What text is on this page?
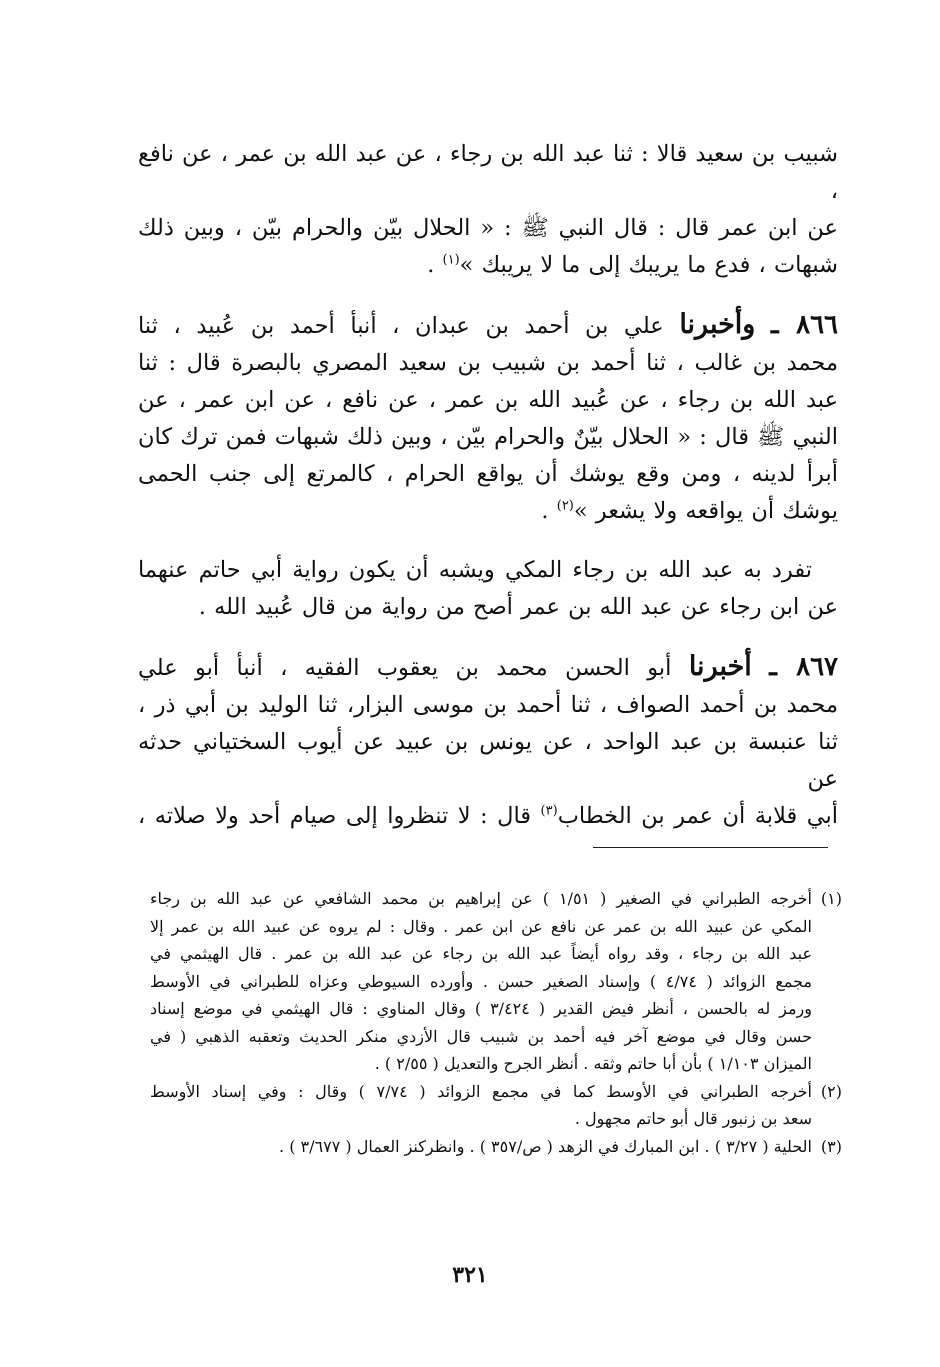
شبيب بن سعيد قالا : ثنا عبد الله بن رجاء ، عن عبد الله بن عمر ، عن نافع ،
عن ابن عمر قال : قال النبي ﷺ : « الحلال بيّن والحرام بيّن ، وبين ذلك
شبهات ، فدع ما يريبك إلى ما لا يريبك »$^{(١)}$ .

٨٦٦ ـ وأخبرنا علي بن أحمد بن عبدان ، أنبأ أحمد بن عُبيد ، ثنا
محمد بن غالب ، ثنا أحمد بن شبيب بن سعيد المصري بالبصرة قال : ثنا
عبد الله بن رجاء ، عن عُبيد الله بن عمر ، عن نافع ، عن ابن عمر ، عن
النبي ﷺ قال : « الحلال بيّنٌ والحرام بيّن ، وبين ذلك شبهات فمن ترك كان
أبرأ لدينه ، ومن وقع يوشك أن يواقع الحرام ، كالمرتع إلى جنب الحمى
يوشك أن يواقعه ولا يشعر »$^{(٢)}$ .

تفرد به عبد الله بن رجاء المكي ويشبه أن يكون رواية أبي حاتم عنهما
عن ابن رجاء عن عبد الله بن عمر أصح من رواية من قال عُبيد الله .

٨٦٧ ـ أخبرنا أبو الحسن محمد بن يعقوب الفقيه ، أنبأ أبو علي
محمد بن أحمد الصواف ، ثنا أحمد بن موسى البزار، ثنا الوليد بن أبي ذر ،
ثنا عنبسة بن عبد الواحد ، عن يونس بن عبيد عن أيوب السختياني حدثه عن
أبي قلابة أن عمر بن الخطاب$^{(٣)}$ قال : لا تنظروا إلى صيام أحد ولا صلاته ،

(١)
أخرجه الطبراني في الصغير ( ١/٥١ ) عن إبراهيم بن محمد الشافعي عن عبد الله بن رجاء
المكي عن عبيد الله بن عمر عن نافع عن ابن عمر . وقال : لم يروه عن عبيد الله بن عمر إلا
عبد الله بن رجاء ، وقد رواه أيضاً عبد الله بن رجاء عن عبد الله بن عمر . قال الهيثمي في
مجمع الزوائد ( ٤/٧٤ ) وإسناد الصغير حسن . وأورده السيوطي وعزاه للطبراني في الأوسط
ورمز له بالحسن ، أنظر فيض القدير ( ٣/٤٢٤ ) وقال المناوي : قال الهيثمي في موضع إسناد
حسن وقال في موضع آخر فيه أحمد بن شبيب قال الأزدي منكر الحديث وتعقبه الذهبي ( في
الميزان ١/١٠٣ ) بأن أبا حاتم وثقه . أنظر الجرح والتعديل ( ٢/٥٥ ) .
(٢)
أخرجه الطبراني في الأوسط كما في مجمع الزوائد ( ٧/٧٤ ) وقال : وفي إسناد الأوسط
سعد بن زنبور قال أبو حاتم مجهول .
(٣)
الحلية ( ٣/٢٧ ) . ابن المبارك في الزهد ( ص/٣٥٧ ) . وانظركنز العمال ( ٣/٦٧٧ ) .
٣٢١
